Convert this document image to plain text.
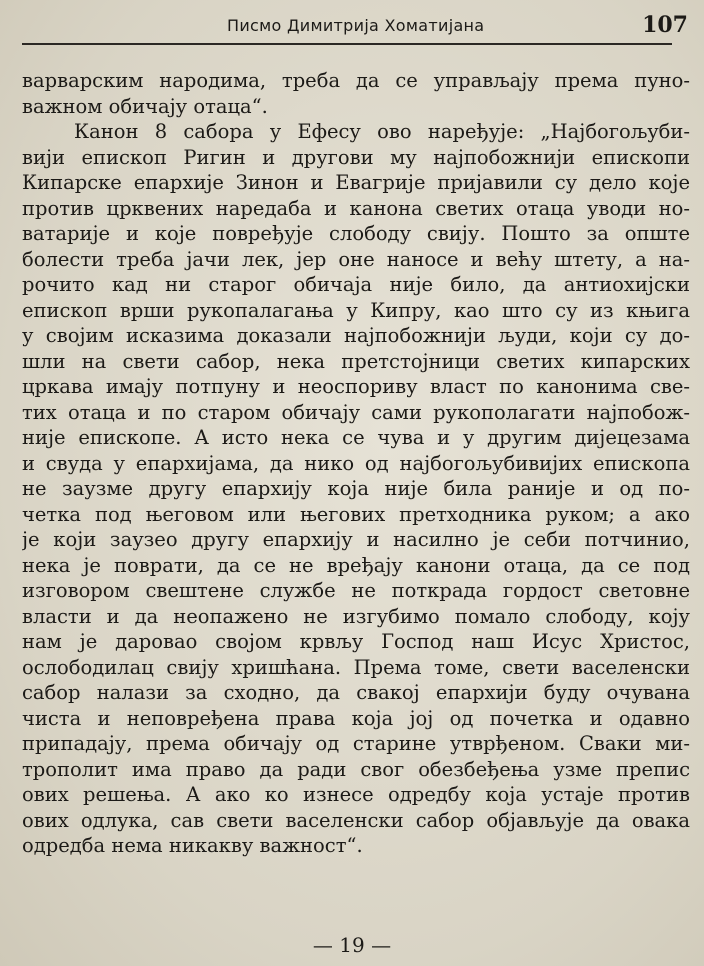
Писмо Димитрија Хоматијана	107
варварским народима, треба да се управљају према пуно-
важном обичају отаца“.
Канон 8 сабора у Ефесу ово наређује: „Најбогољуби-
вији епископ Ригин и другови му најпобожнији епископи
Кипарске епархије Зинон и Евагрије пријавили су дело које
против црквених наредаба и канона светих отаца уводи но-
ватарије и које повређује слободу свију. Пошто за опште
болести треба јачи лек, јер оне наносе и већу штету, а на-
рочито кад ни старог обичаја није било, да антиохијски
епископ врши рукопалагања у Кипру, као што су из књига
у својим исказима доказали најпобожнији људи, који су до-
шли на свети сабор, нека претстојници светих кипарских
цркава имају потпуну и неоспориву власт по канонима све-
тих отаца и по старом обичају сами рукополагати најпобож-
није епископе. А исто нека се чува и у другим дијецезама
и свуда у епархијама, да нико од најбогољубивијих епископа
не заузме другу епархију која није била раније и од по-
четка под његовом или његових претходника руком; а ако
је који заузео другу епархију и насилно је себи потчинио,
нека је поврати, да се не вређају канони отаца, да се под
изговором свештене службе не поткрада гордост световне
власти и да неопажено не изгубимо помало слободу, коју
нам је даровао својом крвљу Господ наш Исус Христос,
ослободилац свију хришћана. Према томе, свети васеленски
сабор налази за сходно, да свакој епархији буду очувана
чиста и неповређена права која јој од почетка и одавно
припадају, према обичају од старине утврђеном. Сваки ми-
трополит има право да ради свог обезбеђења узме препис
ових решења. А ако ко изнесе одредбу која устаје против
ових одлука, сав свети васеленски сабор објављује да овака
одредба нема никакву важност“.
— 19 —
